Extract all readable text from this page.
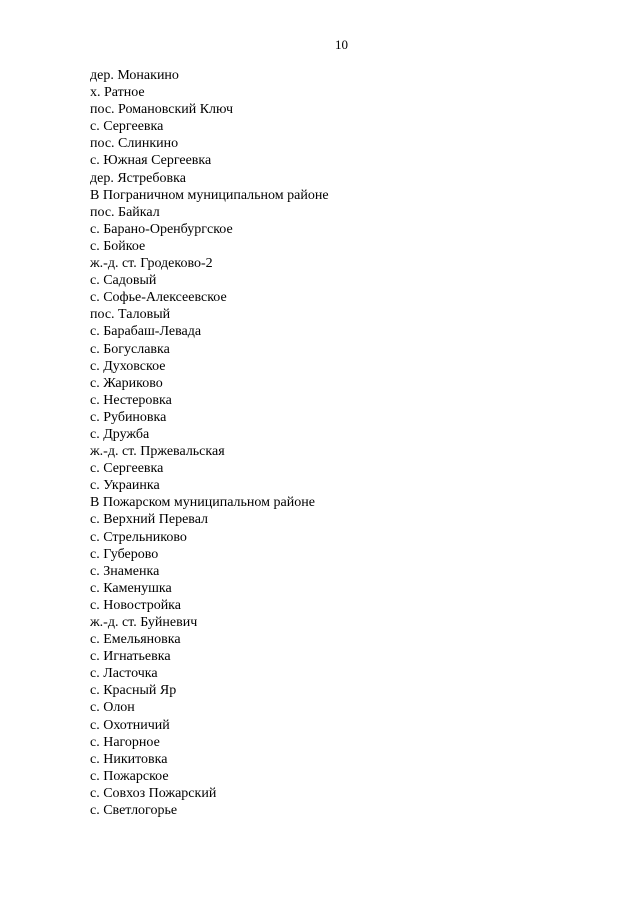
10
дер. Монакино
х. Ратное
пос. Романовский Ключ
с. Сергеевка
пос. Слинкино
с. Южная Сергеевка
дер. Ястребовка
В Пограничном муниципальном районе
пос. Байкал
с. Барано-Оренбургское
с. Бойкое
ж.-д. ст. Гродеково-2
с. Садовый
с. Софье-Алексеевское
пос. Таловый
с. Барабаш-Левада
с. Богуславка
с. Духовское
с. Жариково
с. Нестеровка
с. Рубиновка
с. Дружба
ж.-д. ст. Пржевальская
с. Сергеевка
с. Украинка
В Пожарском муниципальном районе
с. Верхний Перевал
с. Стрельниково
с. Губерово
с. Знаменка
с. Каменушка
с. Новостройка
ж.-д. ст. Буйневич
с. Емельяновка
с. Игнатьевка
с. Ласточка
с. Красный Яр
с. Олон
с. Охотничий
с. Нагорное
с. Никитовка
с. Пожарское
с. Совхоз Пожарский
с. Светлогорье
